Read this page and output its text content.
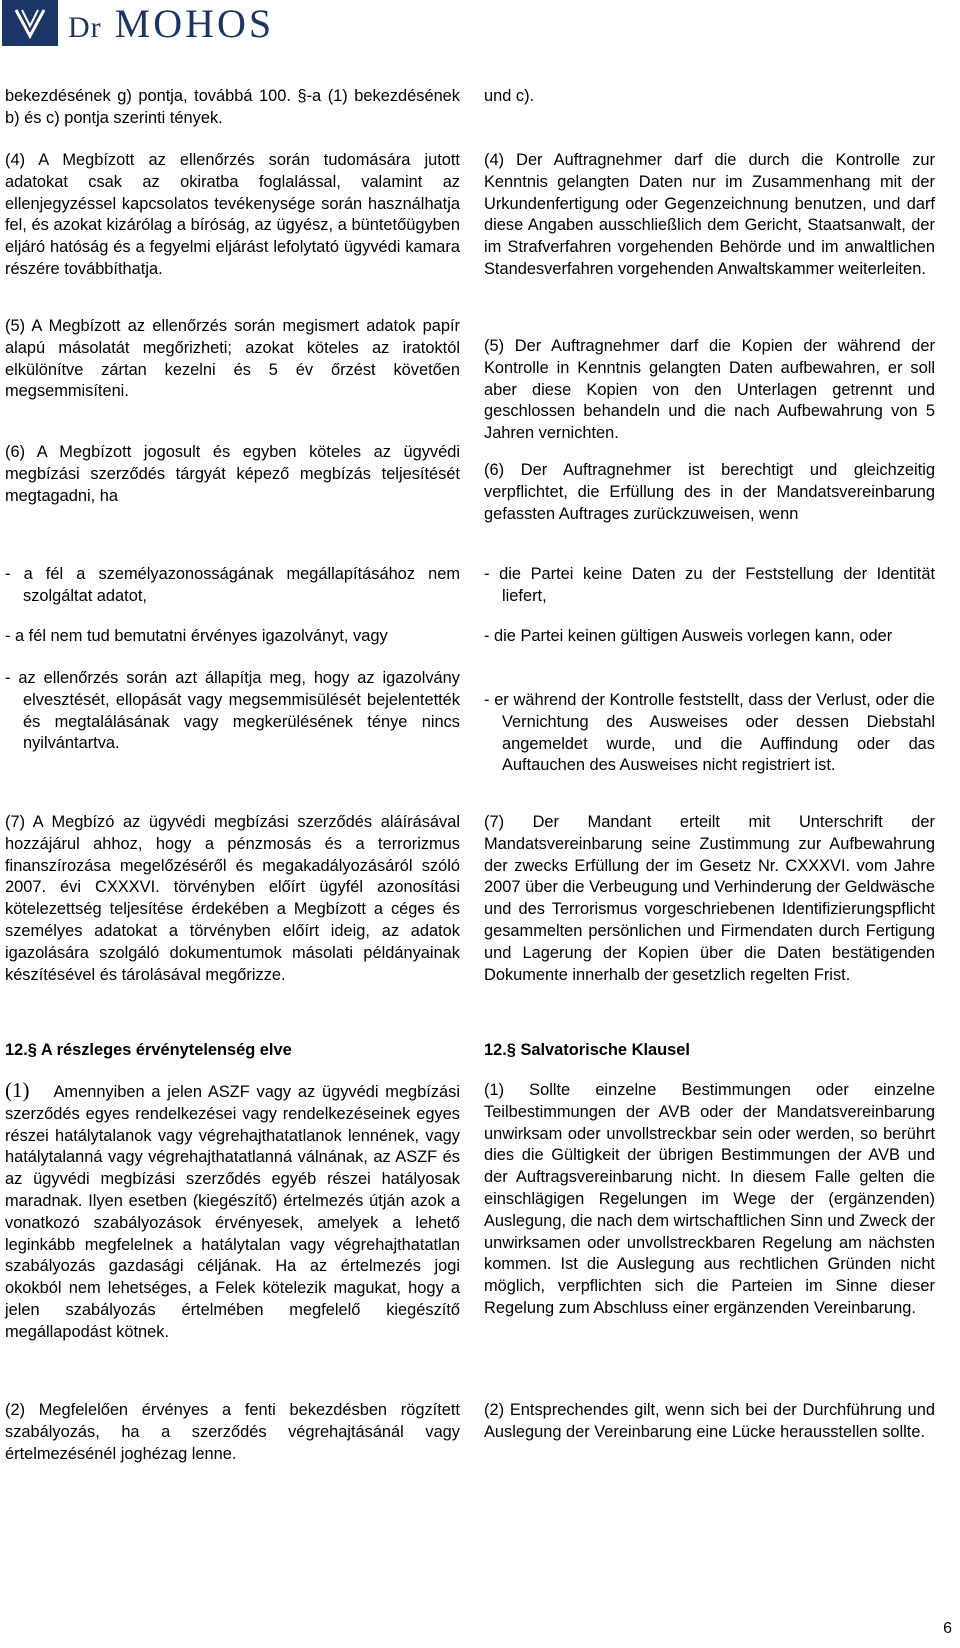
Dr MOHOS

bekezdésének g) pontja, továbbá 100. §-a (1) bekezdésének b) és c) pontja szerinti tények.

(4) A Megbízott az ellenőrzés során tudomására jutott adatokat csak az okiratba foglalással, valamint az ellenjegyzéssel kapcsolatos tevékenysége során használhatja fel, és azokat kizárólag a bíróság, az ügyész, a büntetőügyben eljáró hatóság és a fegyelmi eljárást lefolytató ügyvédi kamara részére továbbíthatja.

(5) A Megbízott az ellenőrzés során megismert adatok papír alapú másolatát megőrizheti; azokat köteles az iratoktól elkülönítve zártan kezelni és 5 év őrzést követően megsemmisíteni.

(6) A Megbízott jogosult és egyben köteles az ügyvédi megbízási szerződés tárgyát képező megbízás teljesítését megtagadni, ha

- a fél a személyazonosságának megállapításához nem szolgáltat adatot,

- a fél nem tud bemutatni érvényes igazolványt, vagy

- az ellenőrzés során azt állapítja meg, hogy az igazolvány elvesztését, ellopását vagy megsemmisülését bejelentették és megtalálásának vagy megkerülésének ténye nincs nyilvántartva.

(7) A Megbízó az ügyvédi megbízási szerződés aláírásával hozzájárul ahhoz, hogy a pénzmosás és a terrorizmus finanszírozása megelőzéséről és megakadályozásáról szóló 2007. évi CXXXVI. törvényben előírt ügyfél azonosítási kötelezettség teljesítése érdekében a Megbízott a céges és személyes adatokat a törvényben előírt ideig, az adatok igazolására szolgáló dokumentumok másolati példányainak készítésével és tárolásával megőrizze.

12.§ A részleges érvénytelenség elve

(1) Amennyiben a jelen ASZF vagy az ügyvédi megbízási szerződés egyes rendelkezései vagy rendelkezéseinek egyes részei hatálytalanok vagy végrehajthatatlanok lennének, vagy hatálytalanná vagy végrehajthatatlanná válnának, az ASZF és az ügyvédi megbízási szerződés egyéb részei hatályosak maradnak. Ilyen esetben (kiegészítő) értelmezés útján azok a vonatkozó szabályozások érvényesek, amelyek a lehető leginkább megfelelnek a hatálytalan vagy végrehajthatatlan szabályozás gazdasági céljának. Ha az értelmezés jogi okokból nem lehetséges, a Felek kötelezik magukat, hogy a jelen szabályozás értelmében megfelelő kiegészítő megállapodást kötnek.

(2) Megfelelően érvényes a fenti bekezdésben rögzített szabályozás, ha a szerződés végrehajtásánál vagy értelmezésénél joghézag lenne.

und c).

(4) Der Auftragnehmer darf die durch die Kontrolle zur Kenntnis gelangten Daten nur im Zusammenhang mit der Urkundenfertigung oder Gegenzeichnung benutzen, und darf diese Angaben ausschließlich dem Gericht, Staatsanwalt, der im Strafverfahren vorgehenden Behörde und im anwaltlichen Standesverfahren vorgehenden Anwaltskammer weiterleiten.

(5) Der Auftragnehmer darf die Kopien der während der Kontrolle in Kenntnis gelangten Daten aufbewahren, er soll aber diese Kopien von den Unterlagen getrennt und geschlossen behandeln und die nach Aufbewahrung von 5 Jahren vernichten.

(6) Der Auftragnehmer ist berechtigt und gleichzeitig verpflichtet, die Erfüllung des in der Mandatsvereinbarung gefassten Auftrages zurückzuweisen, wenn

- die Partei keine Daten zu der Feststellung der Identität liefert,

- die Partei keinen gültigen Ausweis vorlegen kann, oder

- er während der Kontrolle feststellt, dass der Verlust, oder die Vernichtung des Ausweises oder dessen Diebstahl angemeldet wurde, und die Auffindung oder das Auftauchen des Ausweises nicht registriert ist.

(7) Der Mandant erteilt mit Unterschrift der Mandatsvereinbarung seine Zustimmung zur Aufbewahrung der zwecks Erfüllung der im Gesetz Nr. CXXXVI. vom Jahre 2007 über die Verbeugung und Verhinderung der Geldwäsche und des Terrorismus vorgeschriebenen Identifizierungspflicht gesammelten persönlichen und Firmendaten durch Fertigung und Lagerung der Kopien über die Daten bestätigenden Dokumente innerhalb der gesetzlich regelten Frist.

12.§ Salvatorische Klausel

(1) Sollte einzelne Bestimmungen oder einzelne Teilbestimmungen der AVB oder der Mandatsvereinbarung unwirksam oder unvollstreckbar sein oder werden, so berührt dies die Gültigkeit der übrigen Bestimmungen der AVB und der Auftragsvereinbarung nicht. In diesem Falle gelten die einschlägigen Regelungen im Wege der (ergänzenden) Auslegung, die nach dem wirtschaftlichen Sinn und Zweck der unwirksamen oder unvollstreckbaren Regelung am nächsten kommen. Ist die Auslegung aus rechtlichen Gründen nicht möglich, verpflichten sich die Parteien im Sinne dieser Regelung zum Abschluss einer ergänzenden Vereinbarung.

(2) Entsprechendes gilt, wenn sich bei der Durchführung und Auslegung der Vereinbarung eine Lücke herausstellen sollte.

6
